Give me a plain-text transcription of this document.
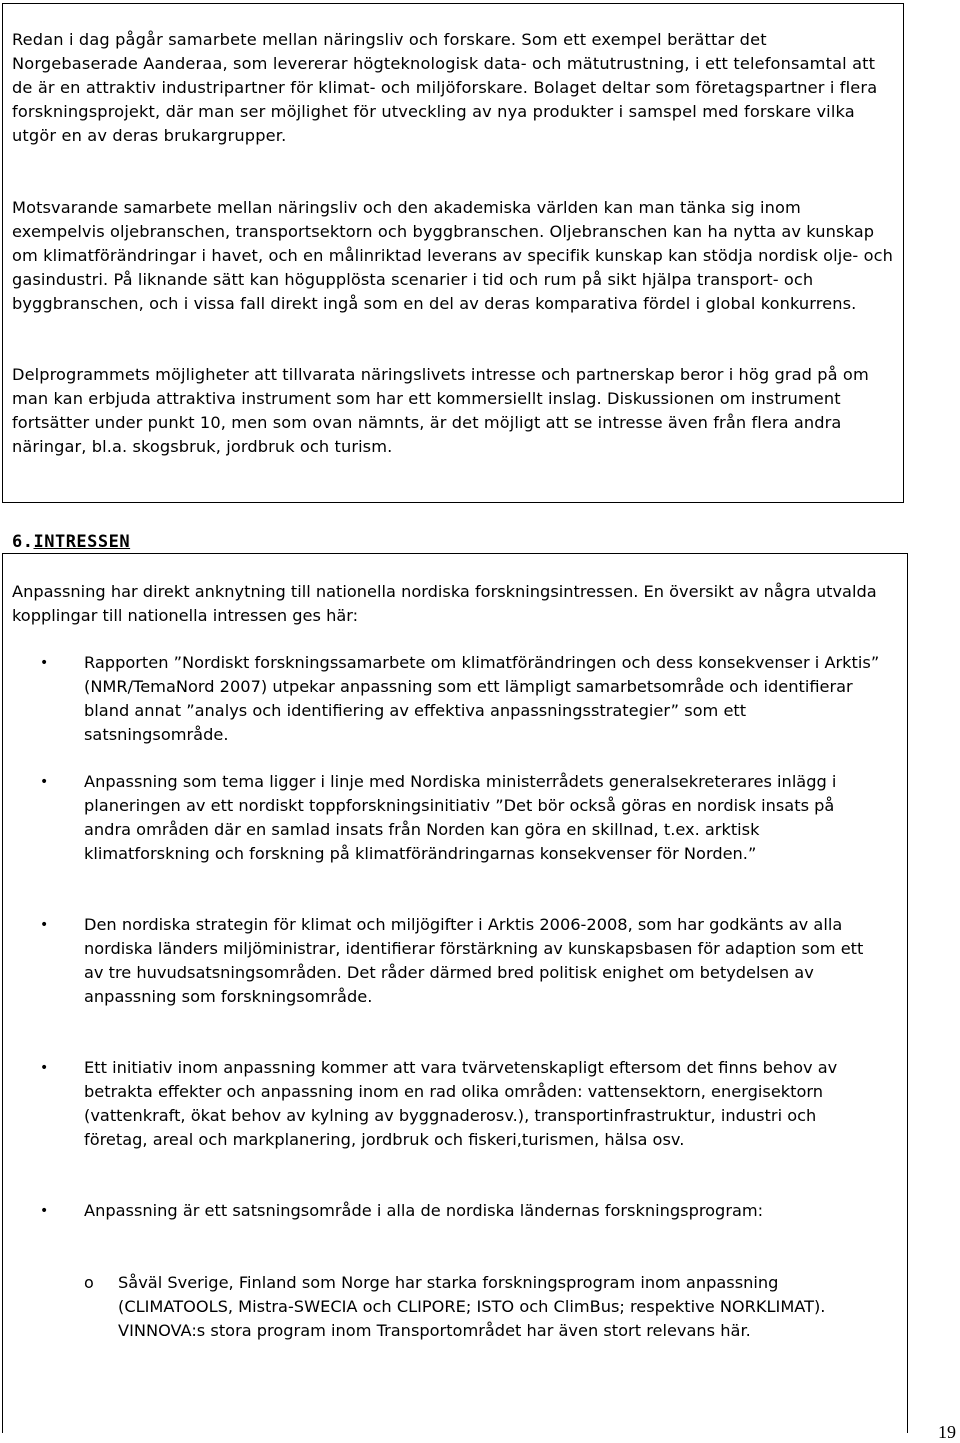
Redan i dag pågår samarbete mellan näringsliv och forskare. Som ett exempel berättar det Norgebaserade Aanderaa, som levererar högteknologisk data- och mätutrustning, i ett telefonsamtal att de är en attraktiv industripartner för klimat- och miljöforskare. Bolaget deltar som företagspartner i flera forskningsprojekt, där man ser möjlighet för utveckling av nya produkter i samspel med forskare vilka utgör en av deras brukargrupper.

Motsvarande samarbete mellan näringsliv och den akademiska världen kan man tänka sig inom exempelvis oljebranschen, transportsektorn och byggbranschen. Oljebranschen kan ha nytta av kunskap om klimatförändringar i havet, och en målinriktad leverans av specifik kunskap kan stödja nordisk olje- och gasindustri. På liknande sätt kan högupplösta scenarier i tid och rum på sikt hjälpa transport- och byggbranschen, och i vissa fall direkt ingå som en del av deras komparativa fördel i global konkurrens.

Delprogrammets möjligheter att tillvarata näringslivets intresse och partnerskap beror i hög grad på om man kan erbjuda attraktiva instrument som har ett kommersiellt inslag. Diskussionen om instrument fortsätter under punkt 10, men som ovan nämnts, är det möjligt att se intresse även från flera andra näringar, bl.a. skogsbruk, jordbruk och turism.

6.INTRESSEN

Anpassning har direkt anknytning till nationella nordiska forskningsintressen. En översikt av några utvalda kopplingar till nationella intressen ges här:

• Rapporten ”Nordiskt forskningssamarbete om klimatförändringen och dess konsekvenser i Arktis” (NMR/TemaNord 2007) utpekar anpassning som ett lämpligt samarbetsområde och identifierar bland annat ”analys och identifiering av effektiva anpassningsstrategier” som ett satsningsområde.

• Anpassning som tema ligger i linje med Nordiska ministerrådets generalsekreterares inlägg i planeringen av ett nordiskt toppforskningsinitiativ ”Det bör också göras en nordisk insats på andra områden där en samlad insats från Norden kan göra en skillnad, t.ex. arktisk klimatforskning och forskning på klimatförändringarnas konsekvenser för Norden.”

• Den nordiska strategin för klimat och miljögifter i Arktis 2006-2008, som har godkänts av alla nordiska länders miljöministrar, identifierar förstärkning av kunskapsbasen för adaption som ett av tre huvudsatsningsområden. Det råder därmed bred politisk enighet om betydelsen av anpassning som forskningsområde.

• Ett initiativ inom anpassning kommer att vara tvärvetenskapligt eftersom det finns behov av betrakta effekter och anpassning inom en rad olika områden: vattensektorn, energisektorn (vattenkraft, ökat behov av kylning av byggnaderosv.), transportinfrastruktur, industri och företag, areal och markplanering, jordbruk och fiskeri,turismen, hälsa osv.

• Anpassning är ett satsningsområde i alla de nordiska ländernas forskningsprogram:

o Såväl Sverige, Finland som Norge har starka forskningsprogram inom anpassning (CLIMATOOLS, Mistra-SWECIA och CLIPORE; ISTO och ClimBus; respektive NORKLIMAT). VINNOVA:s stora program inom Transportområdet har även stort relevans här.

19
